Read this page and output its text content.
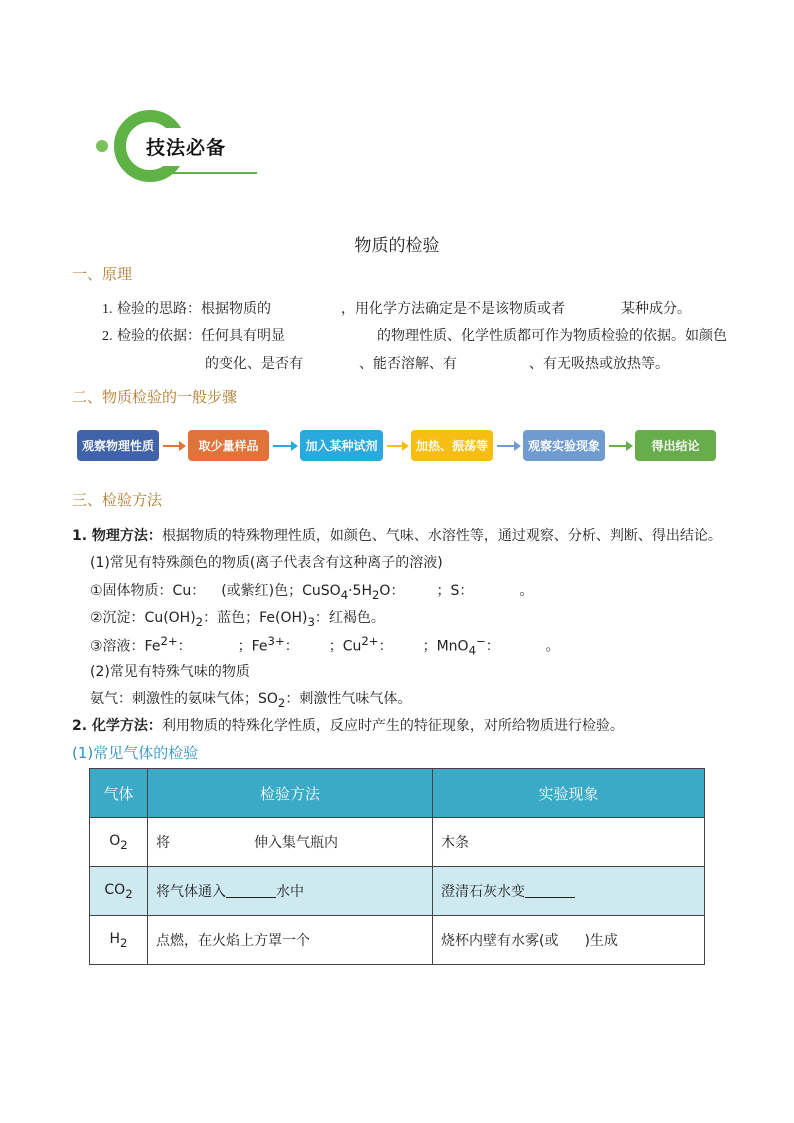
技法必备
物质的检验
一、原理
1. 检验的思路：根据物质的	，用化学方法确定是不是该物质或者	某种成分。
2. 检验的依据：任何具有明显	的物理性质、化学性质都可作为物质检验的依据。如颜色
的变化、是否有	、能否溶解、有	、有无吸热或放热等。
二、物质检验的一般步骤
观察物理性质	取少量样品	加入某种试剂	加热、振荡等	观察实验现象	得出结论
三、检验方法
1. 物理方法：根据物质的特殊物理性质，如颜色、气味、水溶性等，通过观察、分析、判断、得出结论。
(1)常见有特殊颜色的物质(离子代表含有这种离子的溶液)
①固体物质：Cu： (或紫红)色；$CuSO_4\cdot 5H_2O$： ；S：	。
②沉淀：$Cu(OH)_2$：蓝色；$Fe(OH)_3$：红褐色。
③溶液：$Fe^{2+}$：	；$Fe^{3+}$： ；$Cu^{2+}$： ；MnO$_4$−：	。
(2)常见有特殊气味的物质
氨气：刺激性的氨味气体；$SO_2$：刺激性气味气体。
2. 化学方法：利用物质的特殊化学性质，反应时产生的特征现象，对所给物质进行检验。
(1)常见气体的检验
气体	检验方法	实验现象
$O_2$	将 伸入集气瓶内	木条
$CO_2$	将气体通入 水中	澄清石灰水变
$H_2$	点燃，在火焰上方罩一个	烧杯内壁有水雾(或 )生成
